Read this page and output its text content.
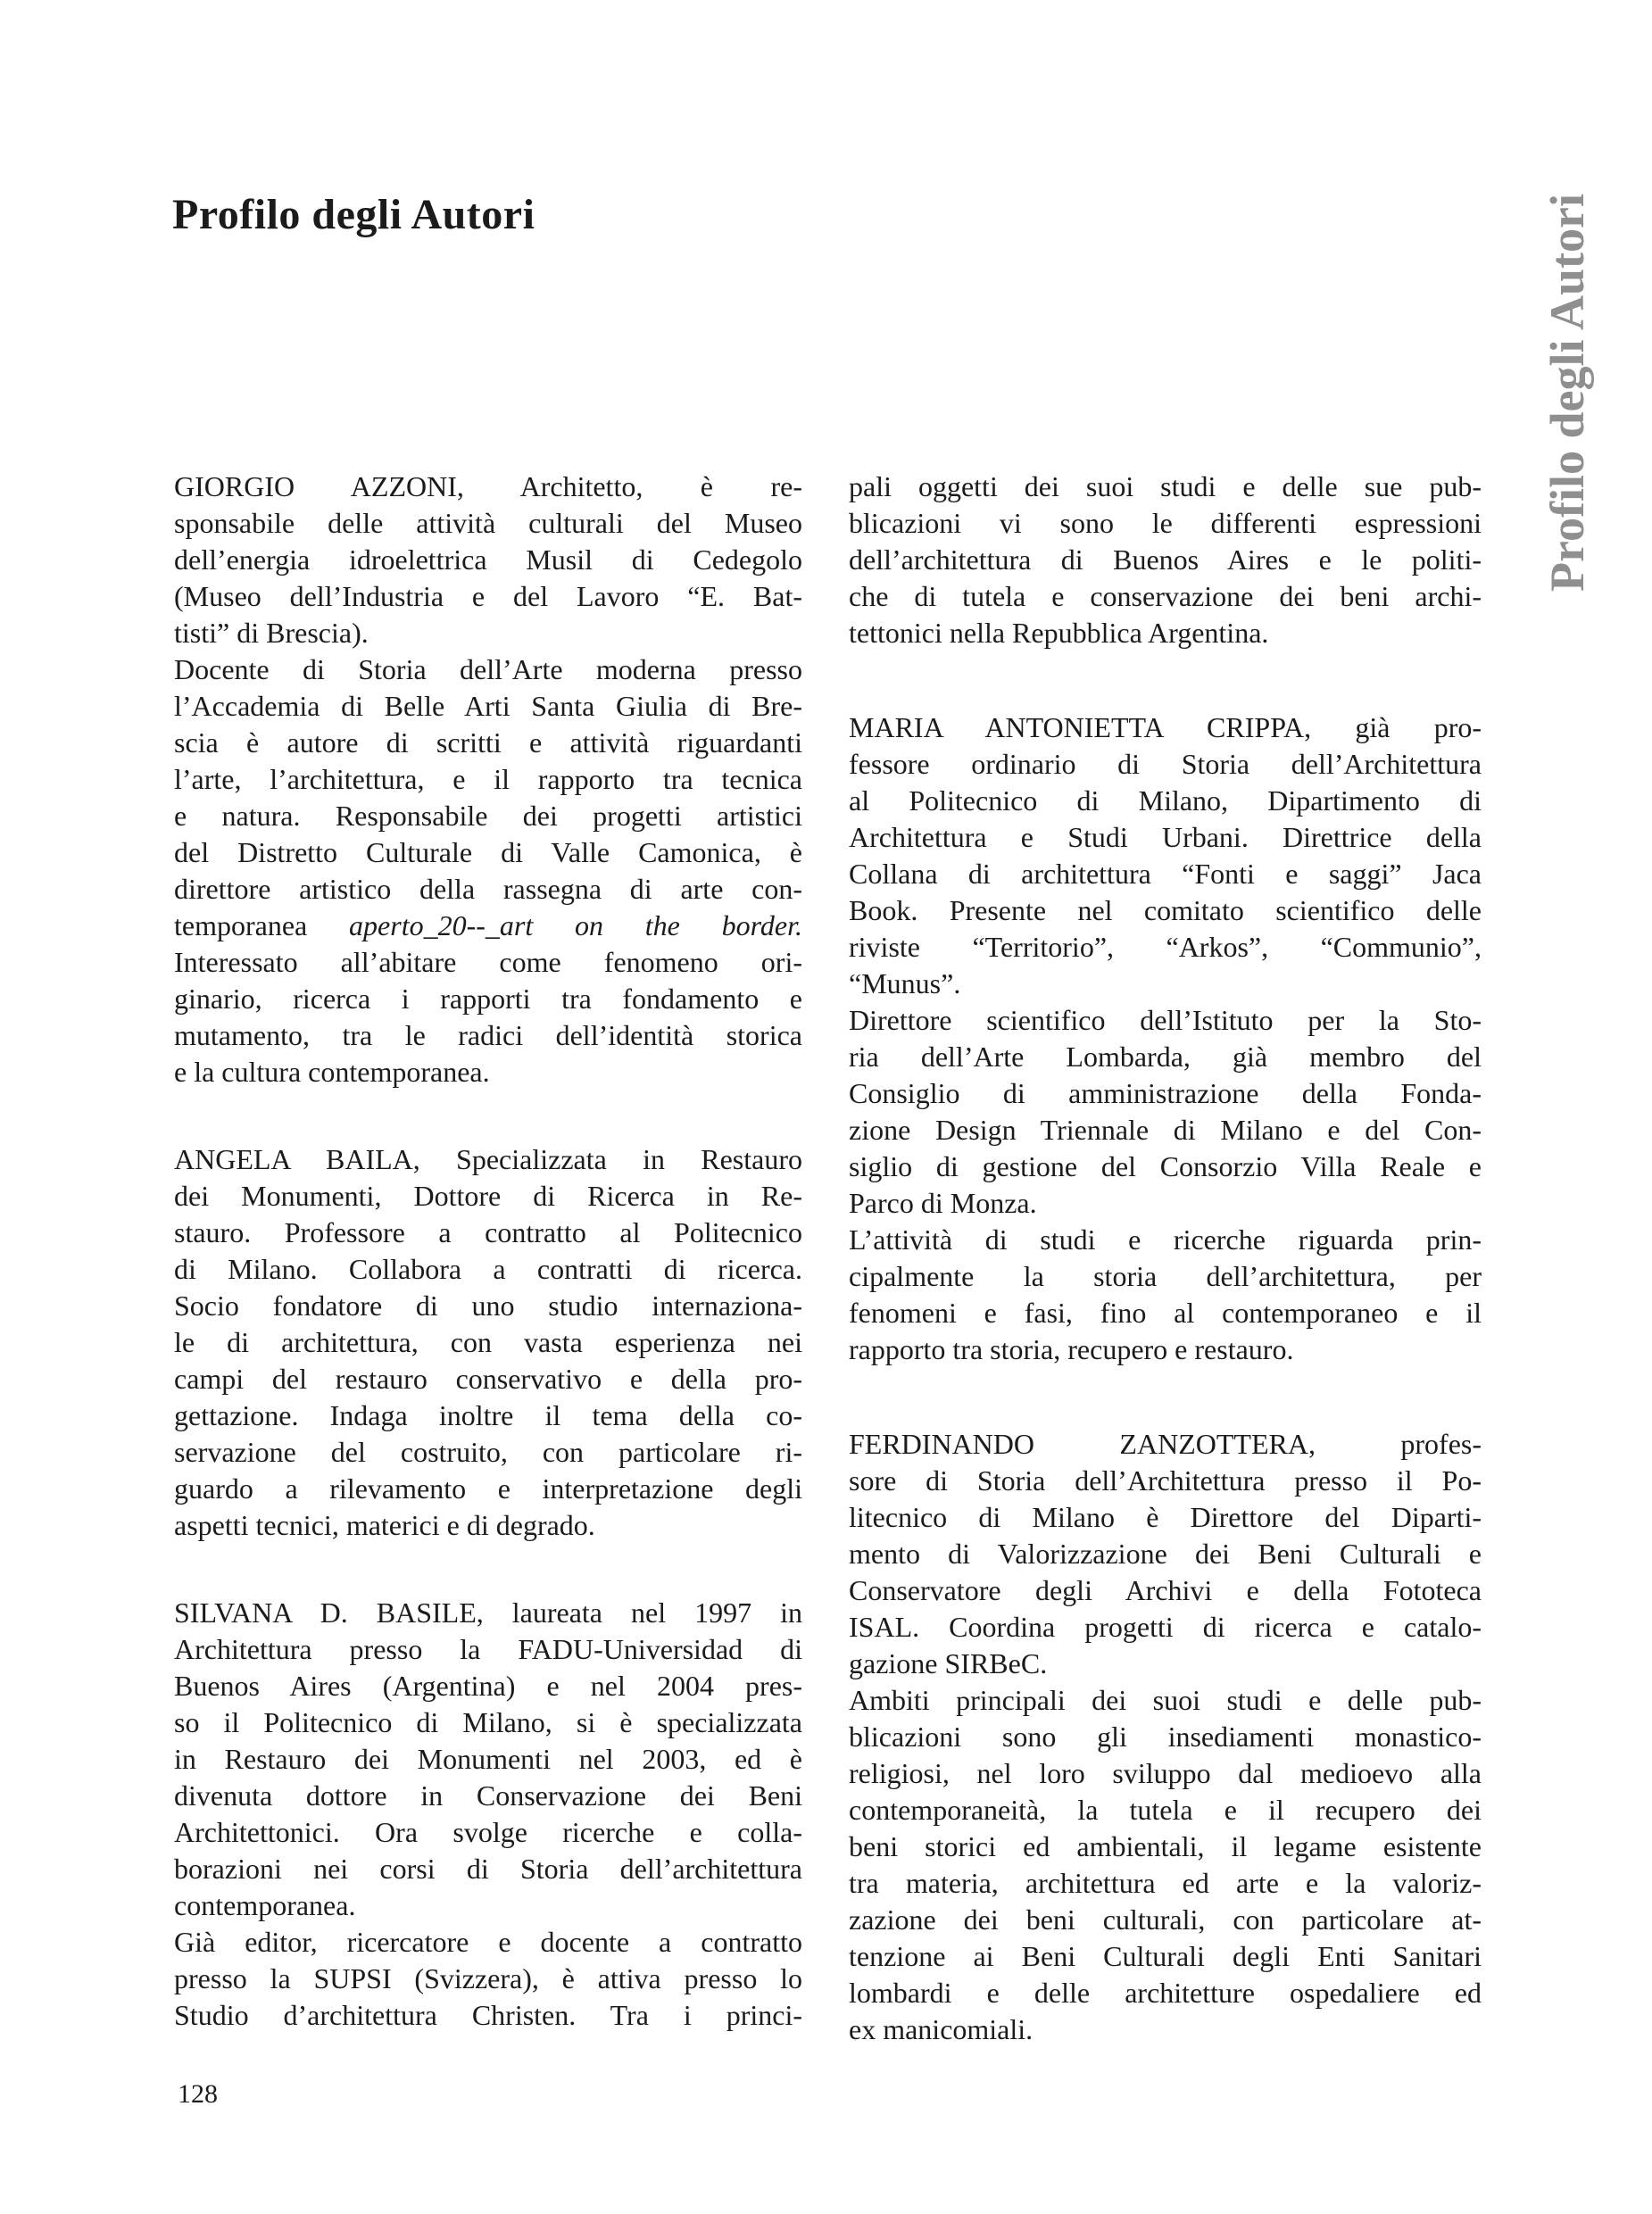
Profilo degli Autori	Profilo degli Autori
GIORGIO AZZONI, Architetto, è re-
sponsabile delle attività culturali del Museo
dell’energia idroelettrica Musil di Cedegolo
(Museo dell’Industria e del Lavoro “E. Bat-
tisti” di Brescia).
Docente di Storia dell’Arte moderna presso
l’Accademia di Belle Arti Santa Giulia di Bre-
scia è autore di scritti e attività riguardanti
l’arte, l’architettura, e il rapporto tra tecnica
e natura. Responsabile dei progetti artistici
del Distretto Culturale di Valle Camonica, è
direttore artistico della rassegna di arte con-
temporanea aperto_20--_art on the border.
Interessato all’abitare come fenomeno ori-
ginario, ricerca i rapporti tra fondamento e
mutamento, tra le radici dell’identità storica
e la cultura contemporanea.
ANGELA BAILA, Specializzata in Restauro
dei Monumenti, Dottore di Ricerca in Re-
stauro. Professore a contratto al Politecnico
di Milano. Collabora a contratti di ricerca.
Socio fondatore di uno studio internaziona-
le di architettura, con vasta esperienza nei
campi del restauro conservativo e della pro-
gettazione. Indaga inoltre il tema della co-
servazione del costruito, con particolare ri-
guardo a rilevamento e interpretazione degli
aspetti tecnici, materici e di degrado.
SILVANA D. BASILE, laureata nel 1997 in
Architettura presso la FADU-Universidad di
Buenos Aires (Argentina) e nel 2004 pres-
so il Politecnico di Milano, si è specializzata
in Restauro dei Monumenti nel 2003, ed è
divenuta dottore in Conservazione dei Beni
Architettonici. Ora svolge ricerche e colla-
borazioni nei corsi di Storia dell’architettura
contemporanea.
Già editor, ricercatore e docente a contratto
presso la SUPSI (Svizzera), è attiva presso lo
Studio d’architettura Christen. Tra i princi-
pali oggetti dei suoi studi e delle sue pub-
blicazioni vi sono le differenti espressioni
dell’architettura di Buenos Aires e le politi-
che di tutela e conservazione dei beni archi-
tettonici nella Repubblica Argentina.
MARIA ANTONIETTA CRIPPA, già pro-
fessore ordinario di Storia dell’Architettura
al Politecnico di Milano, Dipartimento di
Architettura e Studi Urbani. Direttrice della
Collana di architettura “Fonti e saggi” Jaca
Book. Presente nel comitato scientifico delle
riviste “Territorio”, “Arkos”, “Communio”,
“Munus”.
Direttore scientifico dell’Istituto per la Sto-
ria dell’Arte Lombarda, già membro del
Consiglio di amministrazione della Fonda-
zione Design Triennale di Milano e del Con-
siglio di gestione del Consorzio Villa Reale e
Parco di Monza.
L’attività di studi e ricerche riguarda prin-
cipalmente la storia dell’architettura, per
fenomeni e fasi, fino al contemporaneo e il
rapporto tra storia, recupero e restauro.
FERDINANDO ZANZOTTERA, profes-
sore di Storia dell’Architettura presso il Po-
litecnico di Milano è Direttore del Diparti-
mento di Valorizzazione dei Beni Culturali e
Conservatore degli Archivi e della Fototeca
ISAL. Coordina progetti di ricerca e catalo-
gazione SIRBeC.
Ambiti principali dei suoi studi e delle pub-
blicazioni sono gli insediamenti monastico-
religiosi, nel loro sviluppo dal medioevo alla
contemporaneità, la tutela e il recupero dei
beni storici ed ambientali, il legame esistente
tra materia, architettura ed arte e la valoriz-
zazione dei beni culturali, con particolare at-
tenzione ai Beni Culturali degli Enti Sanitari
lombardi e delle architetture ospedaliere ed
ex manicomiali.
128
